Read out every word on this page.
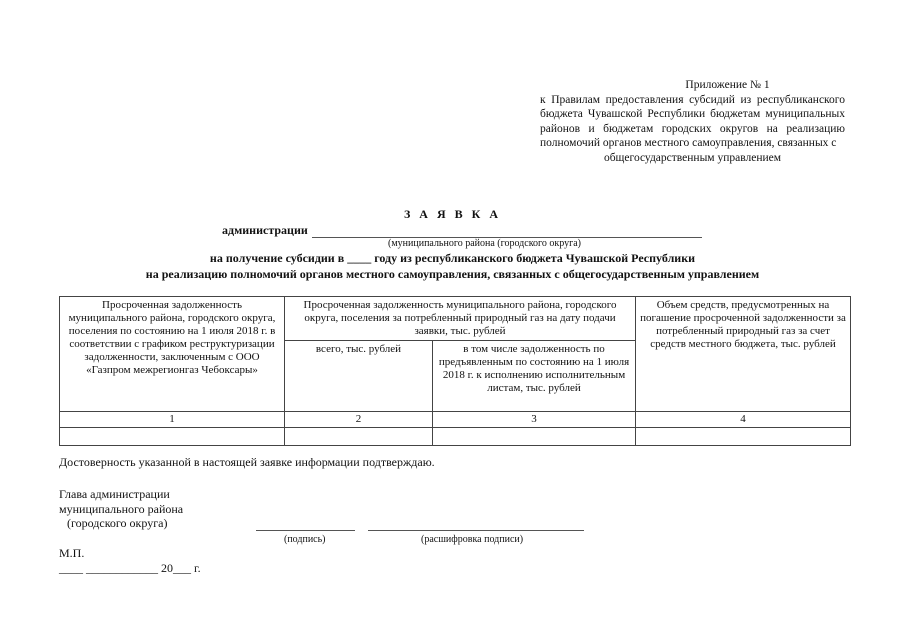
Приложение № 1
к Правилам предоставления субсидий из республиканского бюджета Чувашской Республики бюджетам муниципальных районов и бюджетам городских округов на реализацию полномочий органов местного самоуправления, связанных с
общегосударственным управлением
З А Я В К А
администрации
(муниципального района (городского округа)
на получение субсидии в ____ году из республиканского бюджета Чувашской Республики
на реализацию полномочий органов местного самоуправления, связанных с общегосударственным управлением
Просроченная задолженность муниципального района, городского округа, поселения по состоянию на 1 июля 2018 г. в соответствии с графиком реструктуризации задолженности, заключенным с ООО «Газпром межрегионгаз Чебоксары»	Просроченная задолженность муниципального района, городского округа, поселения за потребленный природный газ на дату подачи заявки, тыс. рублей		Объем средств, предусмотренных на погашение просроченной задолженности за потребленный природный газ за счет средств местного бюджета, тыс. рублей
	всего, тыс. рублей	в том числе задолженность по предъявленным по состоянию на 1 июля 2018 г. к исполнению исполнительным листам, тыс. рублей	
1	2	3	4

Достоверность указанной в настоящей заявке информации подтверждаю.
Глава администрации
муниципального района
(городского округа)
(подпись)	(расшифровка подписи)
М.П.
____ ____________ 20___ г.
